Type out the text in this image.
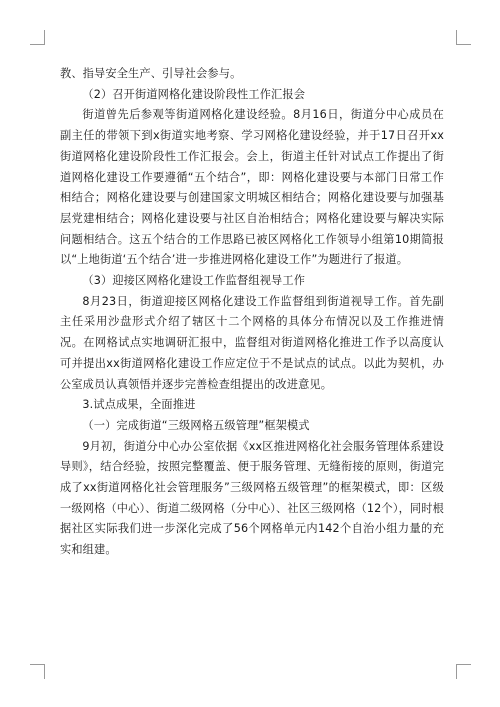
教、指导安全生产、引导社会参与。

（2）召开街道网格化建设阶段性工作汇报会

街道曾先后参观等街道网格化建设经验。8月16日，街道分中心成员在副主任的带领下到x街道实地考察、学习网格化建设经验，并于17日召开xx街道网格化建设阶段性工作汇报会。会上，街道主任针对试点工作提出了街道网格化建设工作要遵循“五个结合”，即：网格化建设要与本部门日常工作相结合；网格化建设要与创建国家文明城区相结合；网格化建设要与加强基层党建相结合；网格化建设要与社区自治相结合；网格化建设要与解决实际问题相结合。这五个结合的工作思路已被区网格化工作领导小组第10期简报以“上地街道‘五个结合’进一步推进网格化建设工作”为题进行了报道。

（3）迎接区网格化建设工作监督组视导工作

8月23日，街道迎接区网格化建设工作监督组到街道视导工作。首先副主任采用沙盘形式介绍了辖区十二个网格的具体分布情况以及工作推进情况。在网格试点实地调研汇报中，监督组对街道网格化推进工作予以高度认可并提出xx街道网格化建设工作应定位于不是试点的试点。以此为契机，办公室成员认真领悟并逐步完善检查组提出的改进意见。

3.试点成果，全面推进

（一）完成街道“三级网格五级管理”框架模式

9月初，街道分中心办公室依据《xx区推进网格化社会服务管理体系建设导则》，结合经验，按照完整覆盖、便于服务管理、无缝衔接的原则，街道完成了xx街道网格化社会管理服务”三级网格五级管理”的框架模式，即：区级一级网格（中心）、街道二级网格（分中心）、社区三级网格（12个），同时根据社区实际我们进一步深化完成了56个网格单元内142个自治小组力量的充实和组建。
